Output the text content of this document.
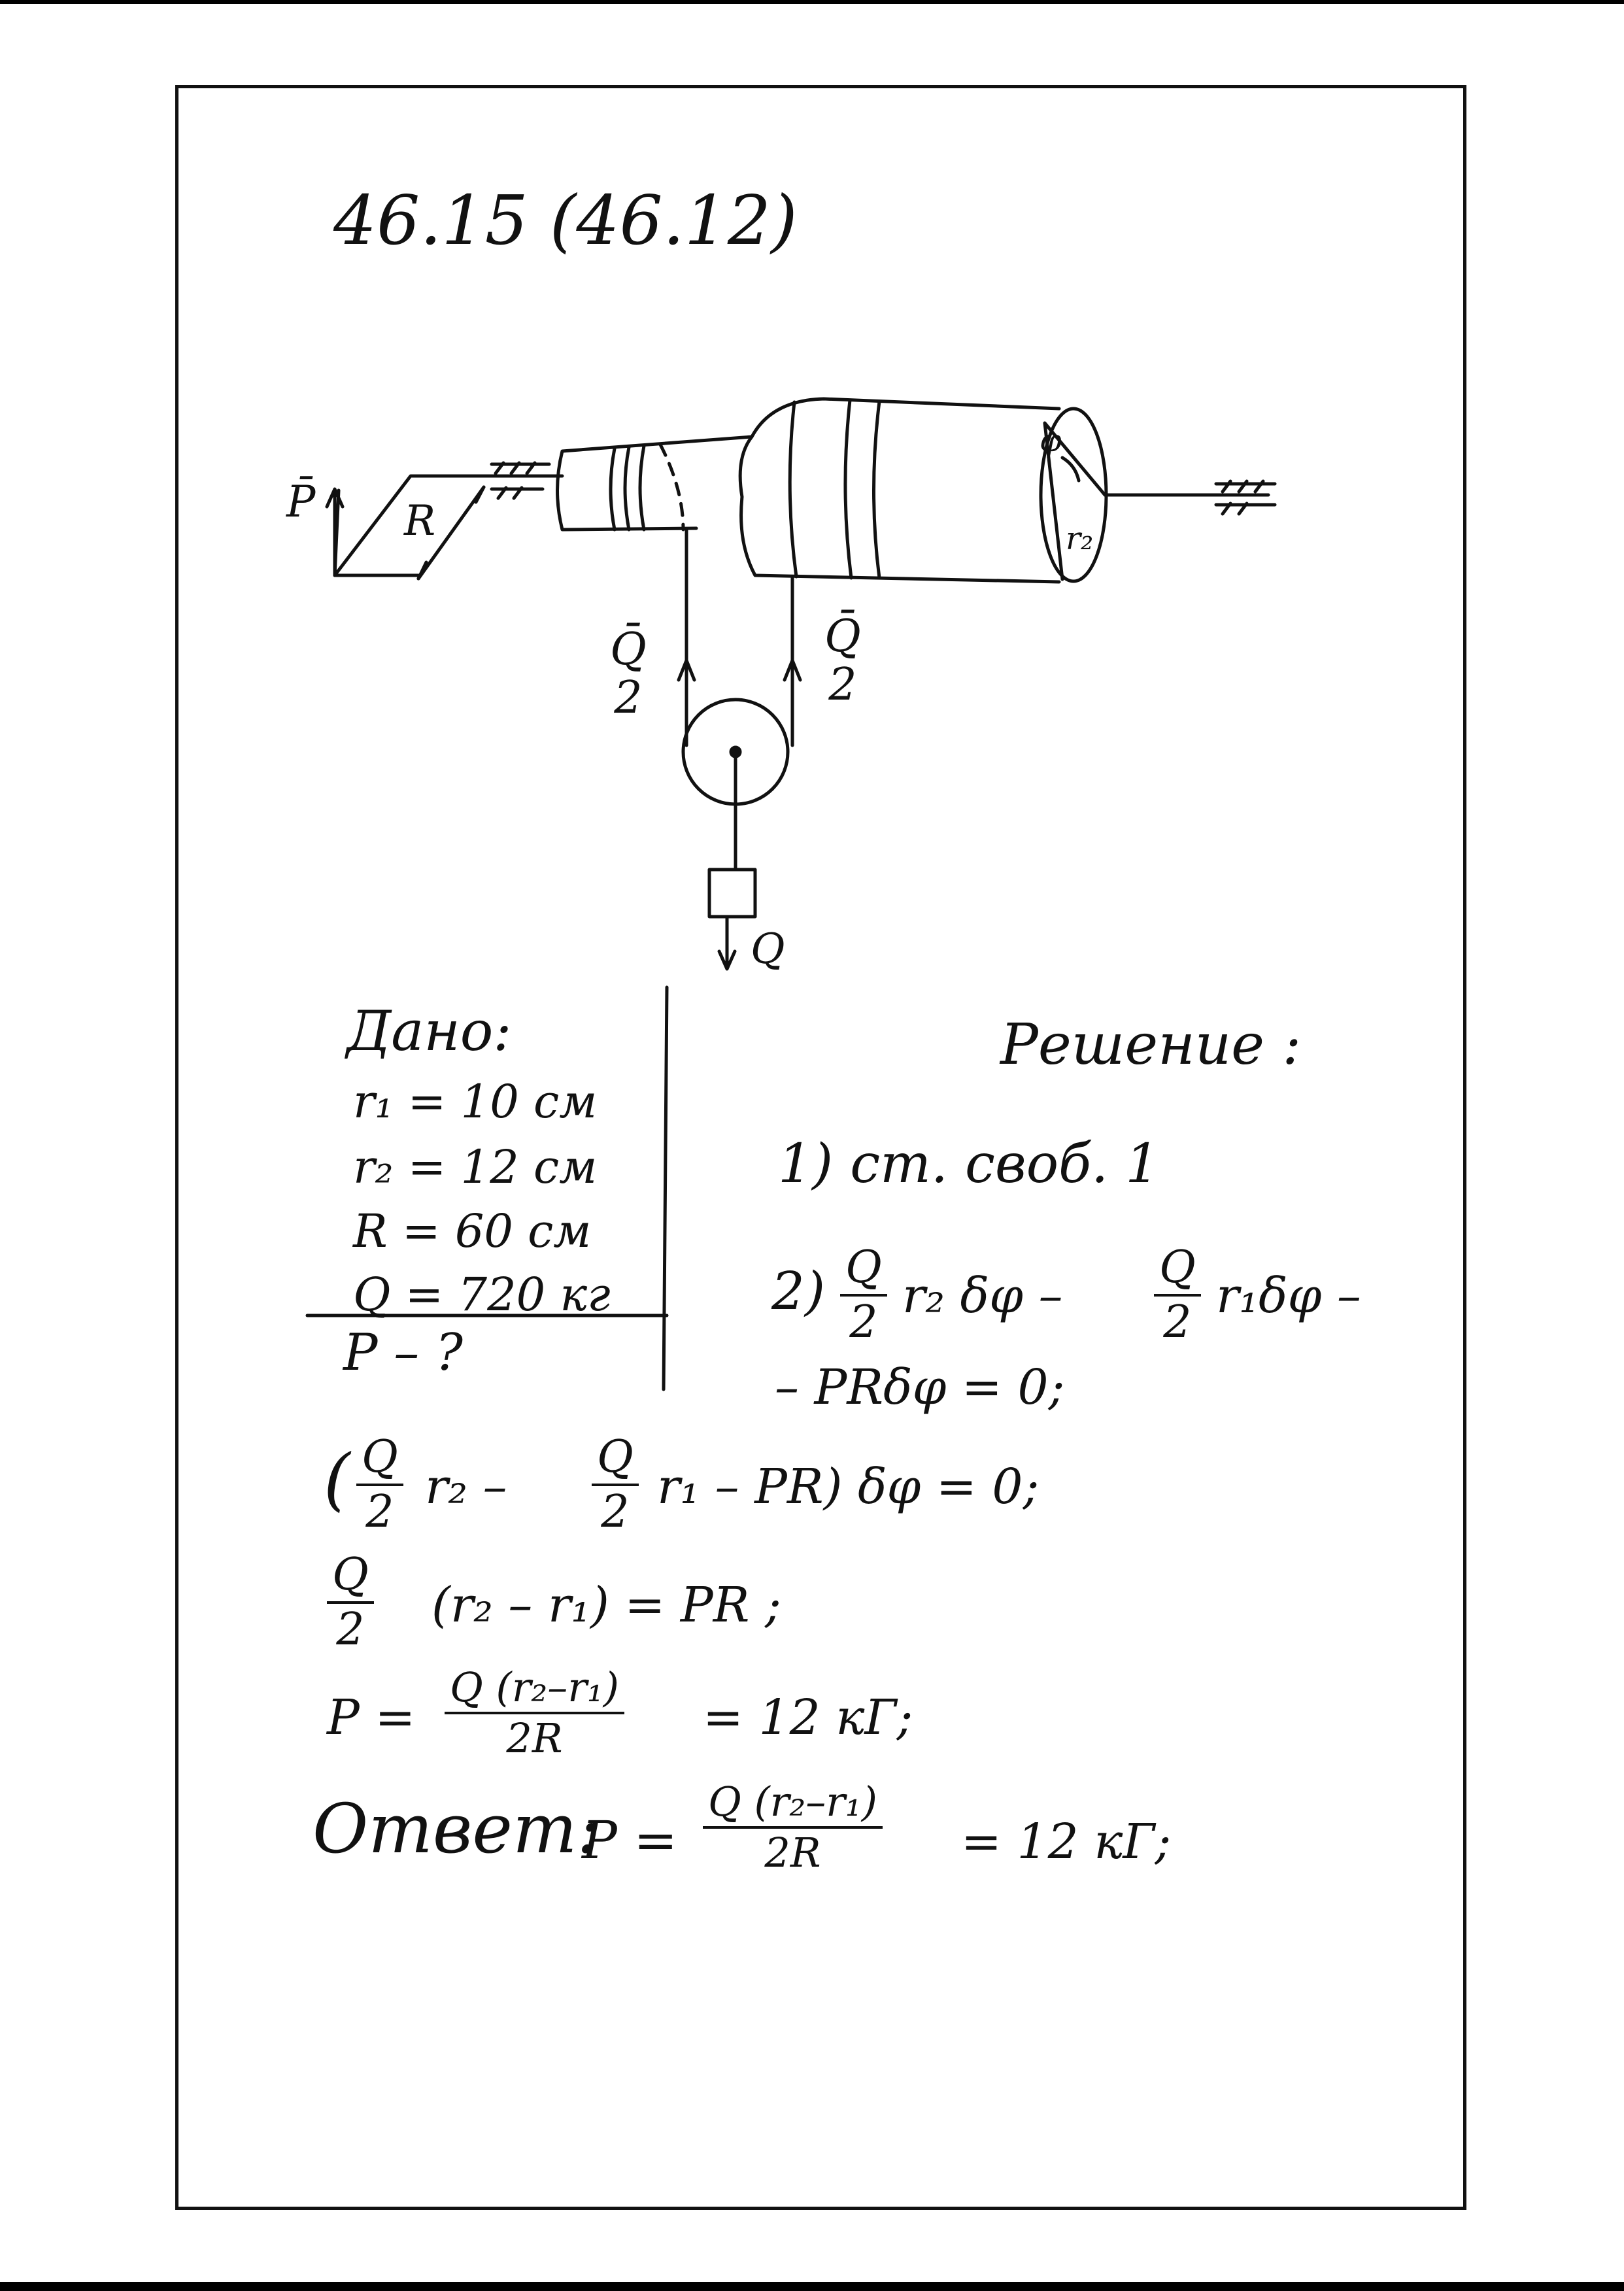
46.15 (46.12)
P̄ R
φ
r₂
Q̄
2
Q̄
2
Q
Дано:
r₁ = 10 см
r₂ = 12 см
R = 60 см
Q = 720 кг
P – ?
Решение :
1) ст. своб. 1
$2) \frac{Q}{2} r_2$ δφ – $\frac{Q}{2} r_1\delta\varphi$ –
– PRδφ = 0;
( $\frac{Q}{2} r_2 - \frac{Q}{2} r_1 - PR$) δφ = 0;
$\frac{Q}{2} (r_2 - r_1)$ = PR ;
$P = \frac{\text{Q (r₂–r₁)}}{2R} = 12$ кГ;
Ответ:
$P = \frac{\text{Q (r₂–r₁)}}{2R} = 12$ кГ;
